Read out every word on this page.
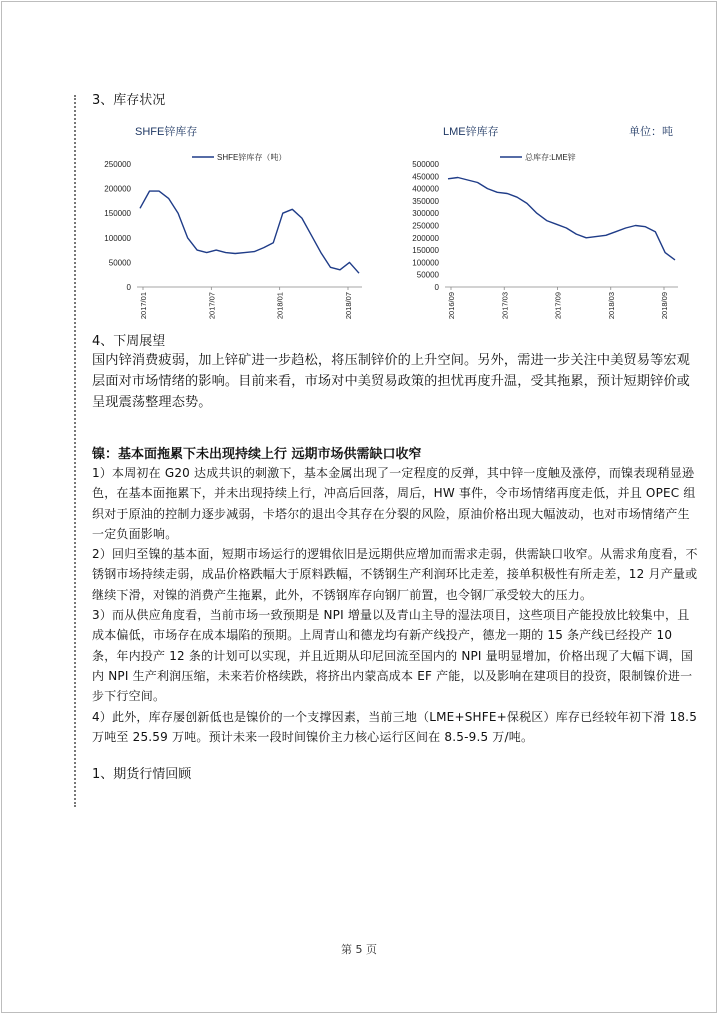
3、库存状况
SHFE锌库存
0
50000
100000
150000
200000
250000
2017/01	2017/07	2018/01	2018/07
SHFE锌库存（吨）
LME锌库存	单位：吨
0
50000
100000
150000
200000
250000
300000
350000
400000
450000
500000
2016/09	2017/03	2017/09	2018/03	2018/09
总库存:LME锌
4、下周展望
国内锌消费疲弱，加上锌矿进一步趋松，将压制锌价的上升空间。另外，需进一步关注中美贸易等宏观层面对市场情绪的影响。目前来看，市场对中美贸易政策的担忧再度升温，受其拖累，预计短期锌价或呈现震荡整理态势。
镍：基本面拖累下未出现持续上行 远期市场供需缺口收窄

1）本周初在 G20 达成共识的刺激下，基本金属出现了一定程度的反弹，其中锌一度触及涨停，而镍表现稍显逊色，在基本面拖累下，并未出现持续上行，冲高后回落，周后，HW 事件，令市场情绪再度走低，并且 OPEC 组织对于原油的控制力逐步减弱，卡塔尔的退出令其存在分裂的风险，原油价格出现大幅波动，也对市场情绪产生一定负面影响。

2）回归至镍的基本面，短期市场运行的逻辑依旧是远期供应增加而需求走弱，供需缺口收窄。从需求角度看，不锈钢市场持续走弱，成品价格跌幅大于原料跌幅，不锈钢生产利润环比走差，接单积极性有所走差，12 月产量或继续下滑，对镍的消费产生拖累，此外，不锈钢库存向钢厂前置，也令钢厂承受较大的压力。

3）而从供应角度看，当前市场一致预期是 NPI 增量以及青山主导的湿法项目，这些项目产能投放比较集中，且成本偏低，市场存在成本塌陷的预期。上周青山和德龙均有新产线投产，德龙一期的 15 条产线已经投产 10 条，年内投产 12 条的计划可以实现，并且近期从印尼回流至国内的 NPI 量明显增加，价格出现了大幅下调，国内 NPI 生产利润压缩，未来若价格续跌，将挤出内蒙高成本 EF 产能，以及影响在建项目的投资，限制镍价进一步下行空间。

4）此外，库存屡创新低也是镍价的一个支撑因素，当前三地（LME+SHFE+保税区）库存已经较年初下滑 18.5 万吨至 25.59 万吨。预计未来一段时间镍价主力核心运行区间在 8.5-9.5 万/吨。

1、期货行情回顾
第 5 页
